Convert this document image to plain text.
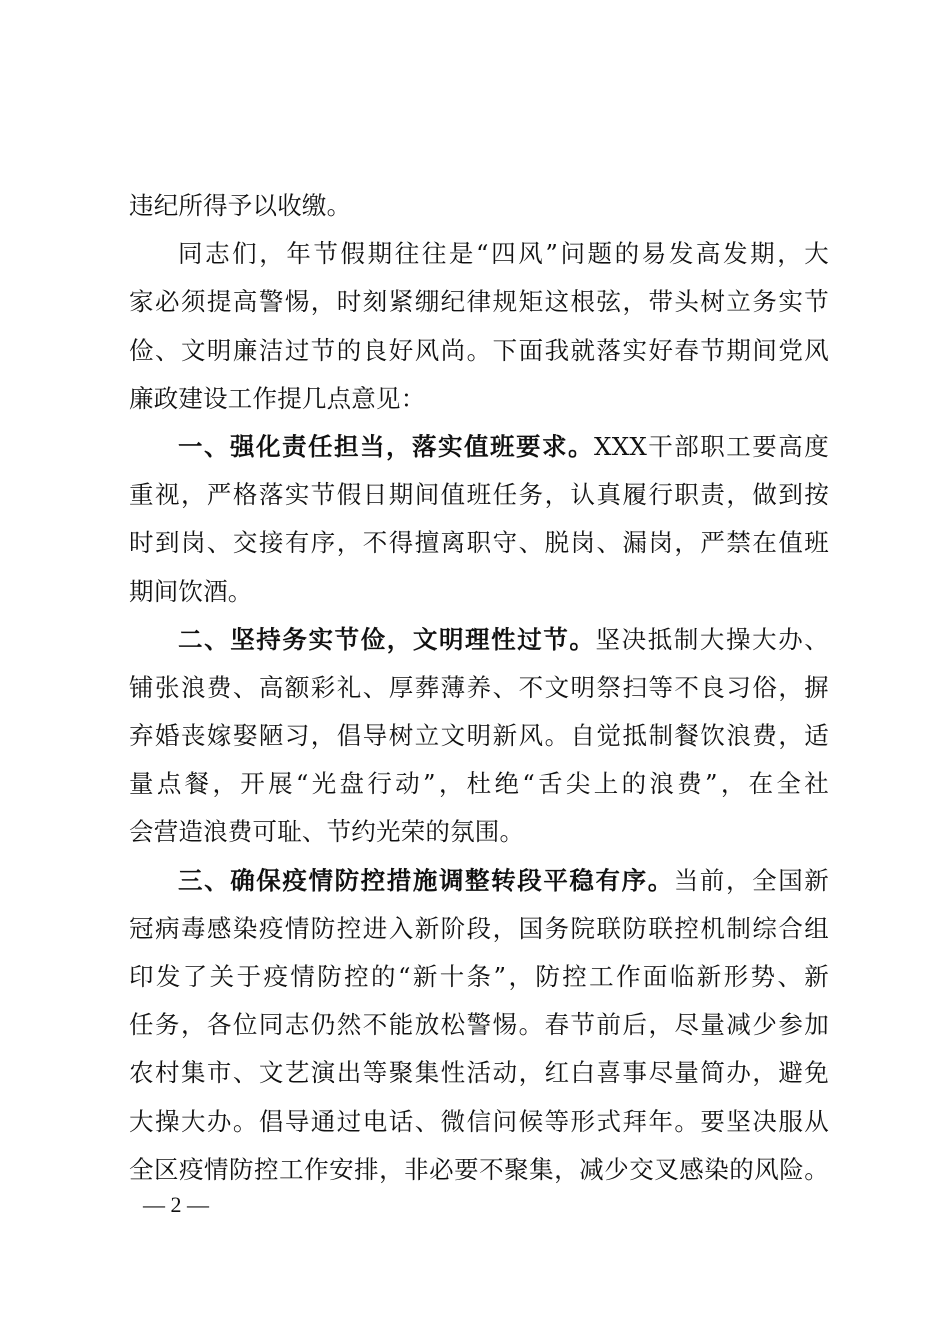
违纪所得予以收缴。
同志们，年节假期往往是“四风”问题的易发高发期，大
家必须提高警惕，时刻紧绷纪律规矩这根弦，带头树立务实节
俭、文明廉洁过节的良好风尚。下面我就落实好春节期间党风
廉政建设工作提几点意见：
一、强化责任担当，落实值班要求。XXX干部职工要高度
重视，严格落实节假日期间值班任务，认真履行职责，做到按
时到岗、交接有序，不得擅离职守、脱岗、漏岗，严禁在值班
期间饮酒。
二、坚持务实节俭，文明理性过节。坚决抵制大操大办、
铺张浪费、高额彩礼、厚葬薄养、不文明祭扫等不良习俗，摒
弃婚丧嫁娶陋习，倡导树立文明新风。自觉抵制餐饮浪费，适
量点餐，开展“光盘行动”，杜绝“舌尖上的浪费”，在全社
会营造浪费可耻、节约光荣的氛围。
三、确保疫情防控措施调整转段平稳有序。当前，全国新
冠病毒感染疫情防控进入新阶段，国务院联防联控机制综合组
印发了关于疫情防控的“新十条”，防控工作面临新形势、新
任务，各位同志仍然不能放松警惕。春节前后，尽量减少参加
农村集市、文艺演出等聚集性活动，红白喜事尽量简办，避免
大操大办。倡导通过电话、微信问候等形式拜年。要坚决服从
全区疫情防控工作安排，非必要不聚集，减少交叉感染的风险。
— 2 —
